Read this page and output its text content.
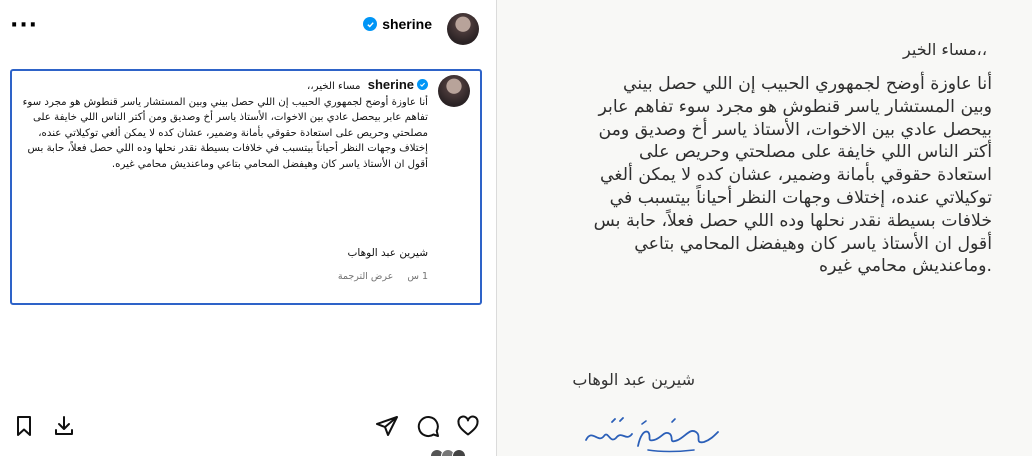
···	sherine
sherine
مساء الخير،،
أنا عاوزة أوضح لجمهوري الحبيب إن اللي حصل بيني وبين المستشار ياسر قنطوش هو مجرد سوء تفاهم عابر بيحصل عادي بين الاخوات، الأستاذ ياسر أخ وصديق ومن أكتر الناس اللي خايفة على مصلحتي وحريص على استعادة حقوقي بأمانة وضمير، عشان كده لا يمكن ألغي توكيلاتي عنده، إختلاف وجهات النظر أحياناً بيتسبب في خلافات بسيطة نقدر نحلها وده اللي حصل فعلاً، حابة بس أقول ان الأستاذ ياسر كان وهيفضل المحامي بتاعي وماعنديش محامي غيره.
شيرين عبد الوهاب
1 س
عرض الترجمة
،،مساء الخير
أنا عاوزة أوضح لجمهوري الحبيب إن اللي حصل بيني
وبين المستشار ياسر قنطوش هو مجرد سوء تفاهم عابر
بيحصل عادي بين الاخوات، الأستاذ ياسر أخ وصديق ومن
أكتر الناس اللي خايفة على مصلحتي وحريص على
استعادة حقوقي بأمانة وضمير، عشان كده لا يمكن ألغي
توكيلاتي عنده، إختلاف وجهات النظر أحياناً بيتسبب في
خلافات بسيطة نقدر نحلها وده اللي حصل فعلاً، حابة بس
أقول ان الأستاذ ياسر كان وهيفضل المحامي بتاعي
.وماعنديش محامي غيره
شيرين عبد الوهاب
